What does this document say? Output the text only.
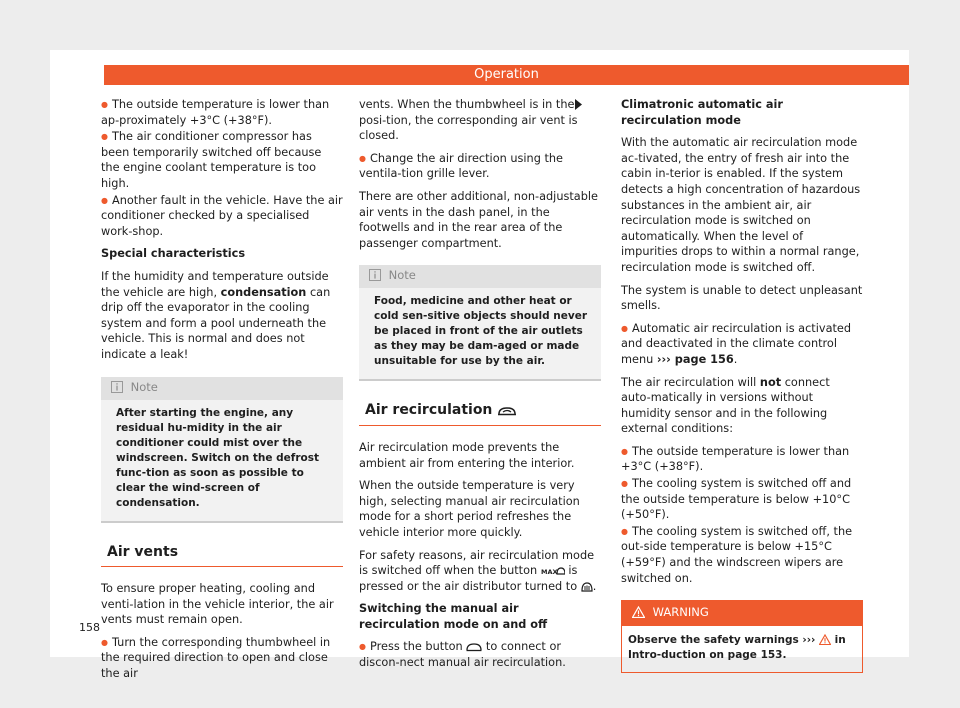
Operation

● The outside temperature is lower than ap-proximately +3°C (+38°F).

● The air conditioner compressor has been temporarily switched off because the engine coolant temperature is too high.

● Another fault in the vehicle. Have the air conditioner checked by a specialised work-shop.

Special characteristics

If the humidity and temperature outside the vehicle are high, condensation can drip off the evaporator in the cooling system and form a pool underneath the vehicle. This is normal and does not indicate a leak!

Note
After starting the engine, any residual hu-midity in the air conditioner could mist over the windscreen. Switch on the defrost func-tion as soon as possible to clear the wind-screen of condensation.
Air vents

To ensure proper heating, cooling and venti-lation in the vehicle interior, the air vents must remain open.

● Turn the corresponding thumbwheel in the required direction to open and close the air

vents. When the thumbwheel is in the posi-tion, the corresponding air vent is closed.

● Change the air direction using the ventila-tion grille lever.

There are other additional, non-adjustable air vents in the dash panel, in the footwells and in the rear area of the passenger compartment.

Note
Food, medicine and other heat or cold sen-sitive objects should never be placed in front of the air outlets as they may be dam-aged or made unsuitable for use by the air.
Air recirculation

Air recirculation mode prevents the ambient air from entering the interior.

When the outside temperature is very high, selecting manual air recirculation mode for a short period refreshes the vehicle interior more quickly.

For safety reasons, air recirculation mode is switched off when the button MAX is pressed or the air distributor turned to .

Switching the manual air recirculation mode on and off

● Press the button  to connect or discon-nect manual air recirculation.

Climatronic automatic air recirculation mode

With the automatic air recirculation mode ac-tivated, the entry of fresh air into the cabin in-terior is enabled. If the system detects a high concentration of hazardous substances in the ambient air, air recirculation mode is switched on automatically. When the level of impurities drops to within a normal range, recirculation mode is switched off.

The system is unable to detect unpleasant smells.

● Automatic air recirculation is activated and deactivated in the climate control menu ››› page 156.

The air recirculation will not connect auto-matically in versions without humidity sensor and in the following external conditions:

● The outside temperature is lower than +3°C (+38°F).

● The cooling system is switched off and the outside temperature is below +10°C (+50°F).

● The cooling system is switched off, the out-side temperature is below +15°C (+59°F) and the windscreen wipers are switched on.

WARNING
Observe the safety warnings ›››  in Intro-duction on page 153.
158
